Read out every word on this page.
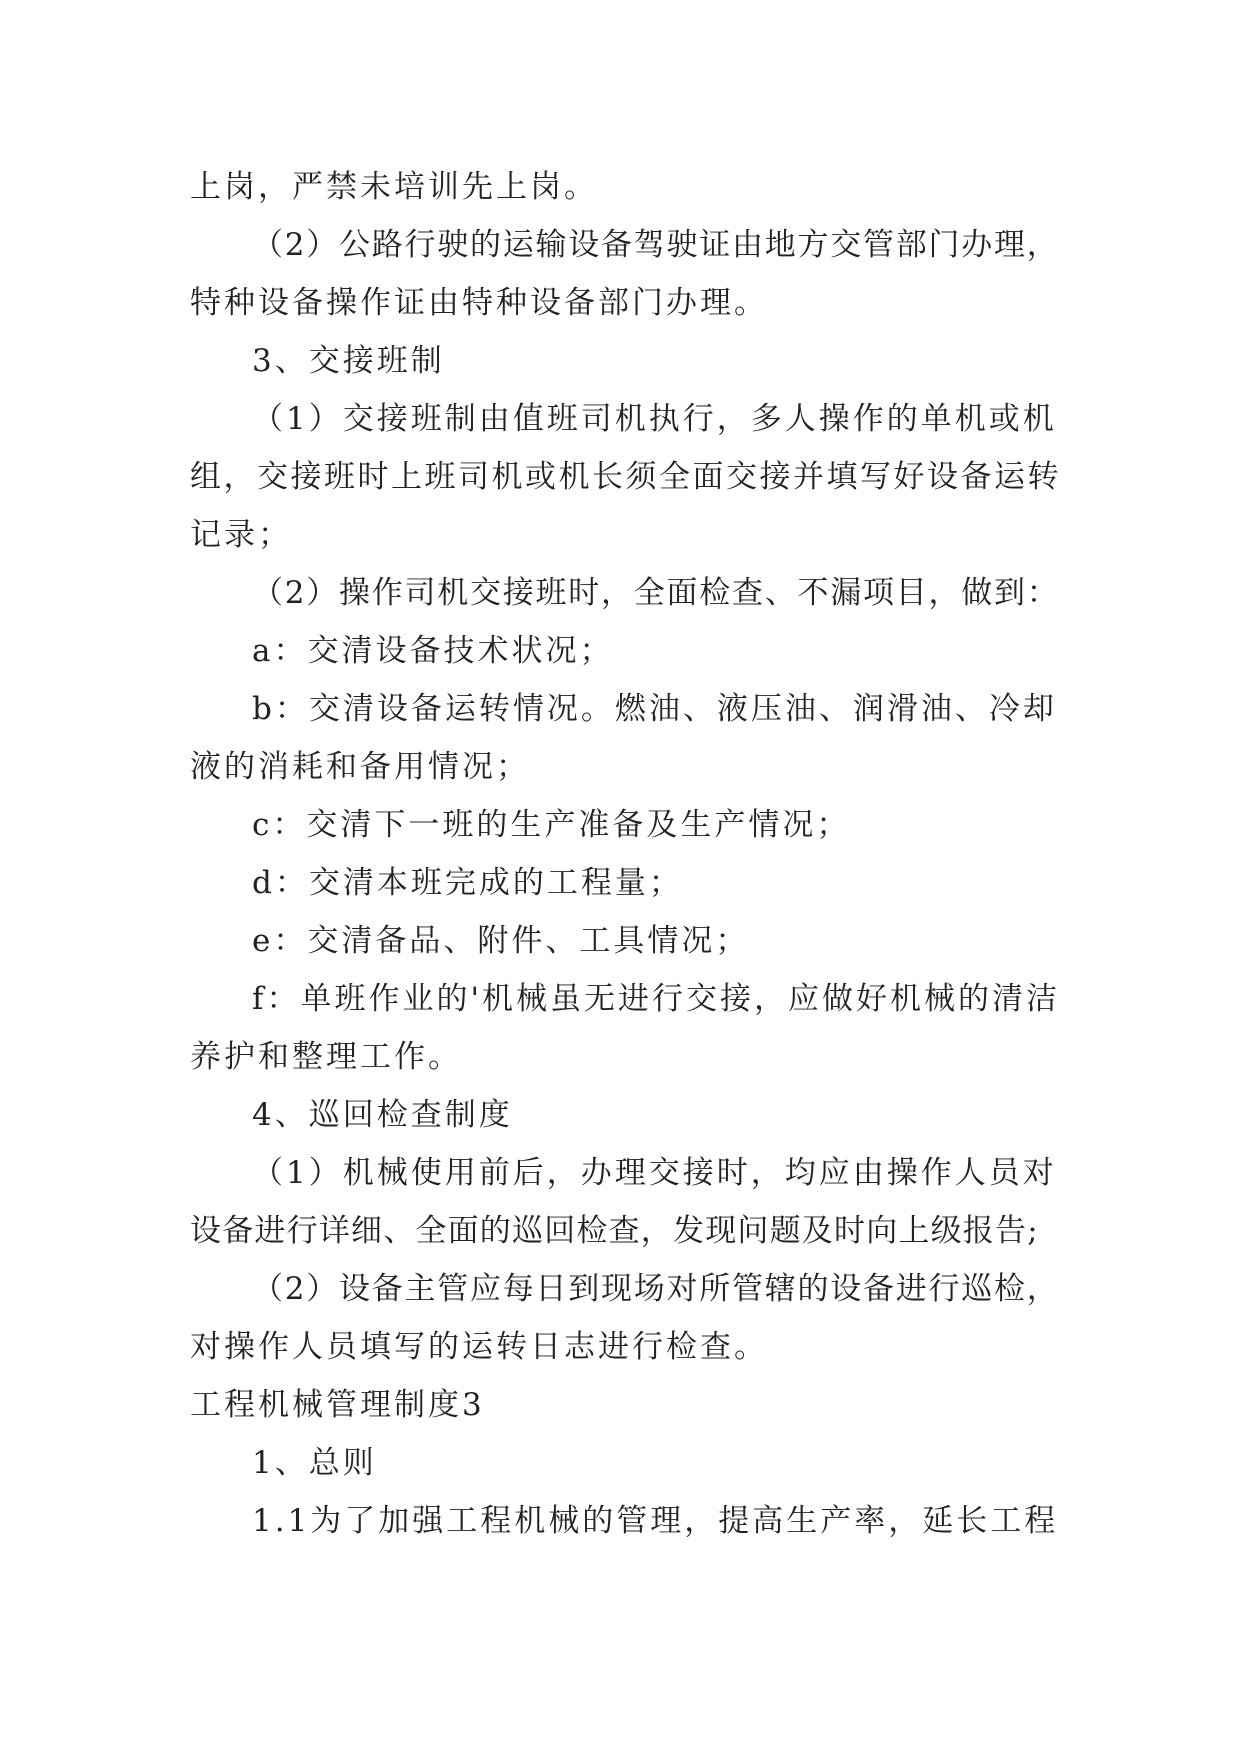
上岗，严禁未培训先上岗。
（2）公路行驶的运输设备驾驶证由地方交管部门办理，
特种设备操作证由特种设备部门办理。
3、交接班制
（1）交接班制由值班司机执行，多人操作的单机或机
组，交接班时上班司机或机长须全面交接并填写好设备运转
记录；
（2）操作司机交接班时，全面检查、不漏项目，做到：
a：交清设备技术状况；
b：交清设备运转情况。燃油、液压油、润滑油、冷却
液的消耗和备用情况；
c：交清下一班的生产准备及生产情况；
d：交清本班完成的工程量；
e：交清备品、附件、工具情况；
f：单班作业的'机械虽无进行交接，应做好机械的清洁
养护和整理工作。
4、巡回检查制度
（1）机械使用前后，办理交接时，均应由操作人员对
设备进行详细、全面的巡回检查，发现问题及时向上级报告;
（2）设备主管应每日到现场对所管辖的设备进行巡检，
对操作人员填写的运转日志进行检查。
工程机械管理制度3
1、总则
1.1为了加强工程机械的管理，提高生产率，延长工程
